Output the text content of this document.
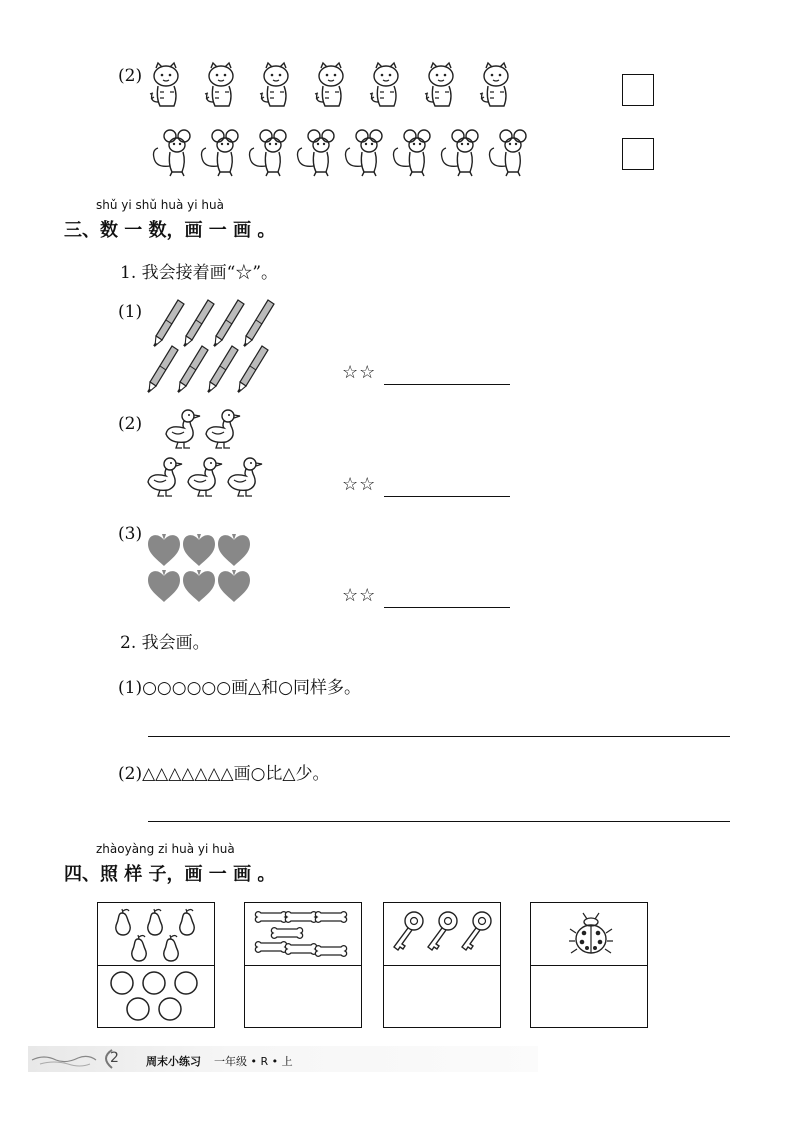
(2)
shǔ yi shǔ huà yi huà
三、数 一 数，画 一 画 。
1. 我会接着画“☆”。
(1)
☆☆
(2)
☆☆
(3)
☆☆
2. 我会画。
(1)○○○○○○画△和○同样多。
(2)△△△△△△△画○比△少。
zhàoyàng zi huà yi huà
四、照 样 子，画 一 画 。
2 周末小练习 一年级 • R • 上
